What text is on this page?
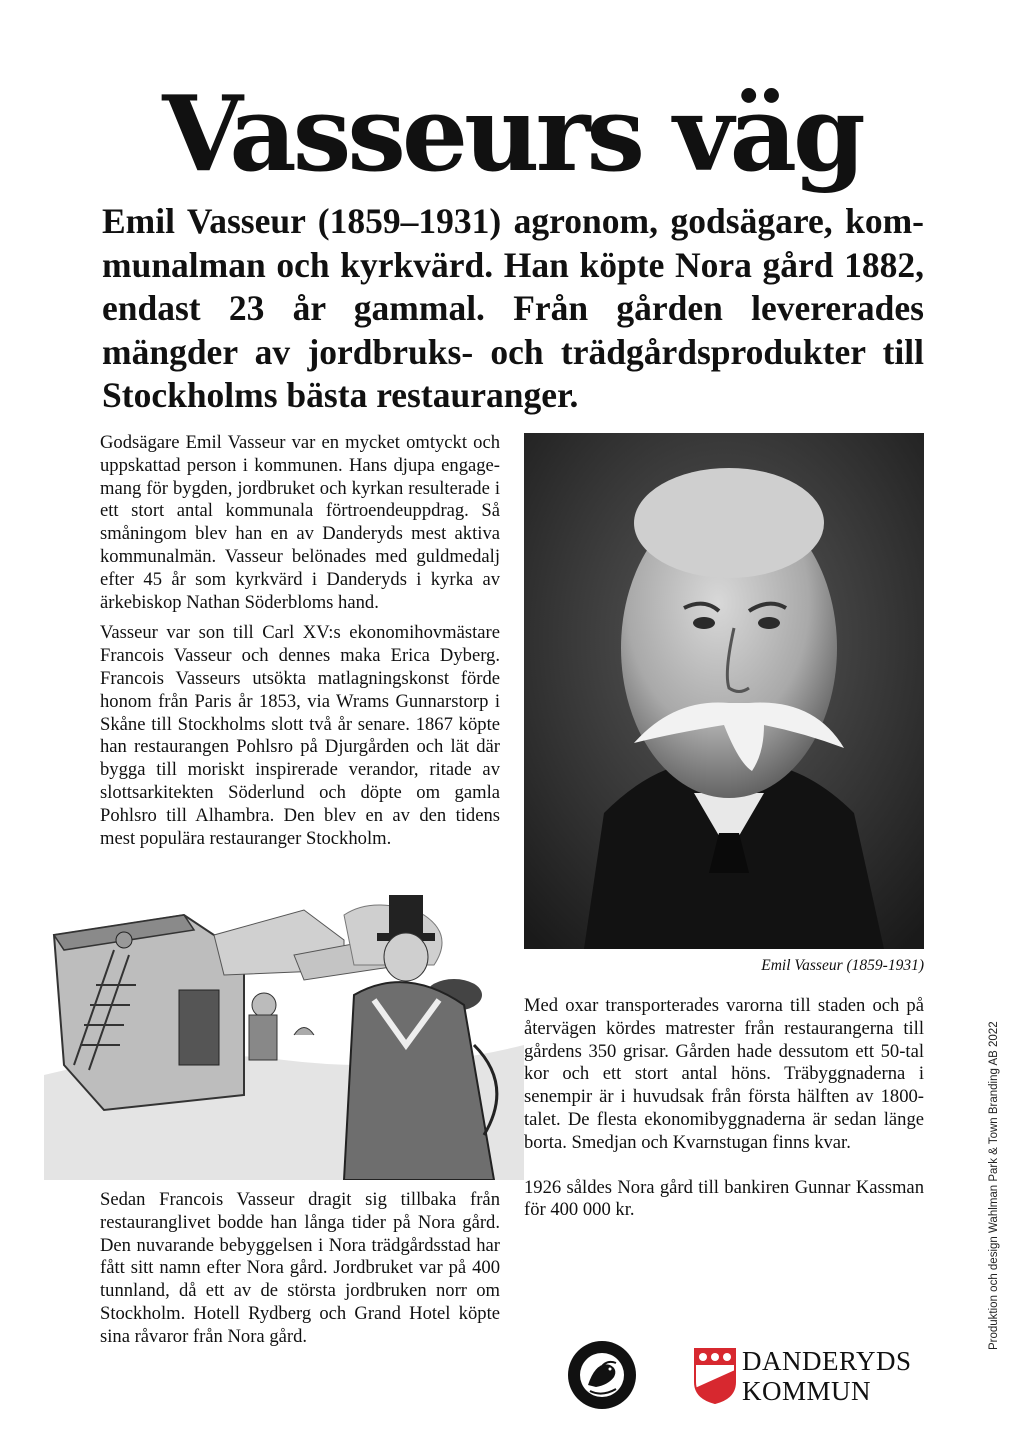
Vasseurs väg

Emil Vasseur (1859–1931) agronom, godsägare, kommunalman och kyrkvärd. Han köpte Nora gård 1882, endast 23 år gammal. Från gården levererades mängder av jordbruks- och trädgårdsprodukter till Stockholms bästa restauranger.

Godsägare Emil Vasseur var en mycket omtyckt och uppskattad person i kommunen. Hans djupa engagemang för bygden, jordbruket och kyrkan resulterade i ett stort antal kommunala förtroendeuppdrag. Så småningom blev han en av Danderyds mest aktiva kommunalmän. Vasseur belönades med guldmedalj efter 45 år som kyrkvärd i Danderyds i kyrka av ärkebiskop Nathan Söderbloms hand.

Vasseur var son till Carl XV:s ekonomihovmästare Francois Vasseur och dennes maka Erica Dyberg. Francois Vasseurs utsökta matlagningskonst förde honom från Paris år 1853, via Wrams Gunnarstorp i Skåne till Stockholms slott två år senare. 1867 köpte han restaurangen Pohlsro på Djurgården och lät där bygga till moriskt inspirerade verandor, ritade av slottsarkitekten Söderlund och döpte om gamla Pohlsro till Alhambra. Den blev en av den tidens mest populära restauranger Stockholm.

Emil Vasseur (1859-1931)

Sedan Francois Vasseur dragit sig tillbaka från restauranglivet bodde han långa tider på Nora gård. Den nuvarande bebyggelsen i Nora trädgårdsstad har fått sitt namn efter Nora gård. Jordbruket var på 400 tunnland, då ett av de största jordbruken norr om Stockholm. Hotell Rydberg och Grand Hotel köpte sina råvaror från Nora gård.

Med oxar transporterades varorna till staden och på återvägen kördes matrester från restaurangerna till gårdens 350 grisar. Gården hade dessutom ett 50-tal kor och ett stort antal höns. Träbyggnaderna i senempir är i huvudsak från första hälften av 1800-talet. De flesta ekonomibyggnaderna är sedan länge borta. Smedjan och Kvarnstugan finns kvar.

1926 såldes Nora gård till bankiren Gunnar Kassman för 400 000 kr.	Produktion och design Wahlman Park & Town Branding AB 2022
DANDERYDS
KOMMUN
